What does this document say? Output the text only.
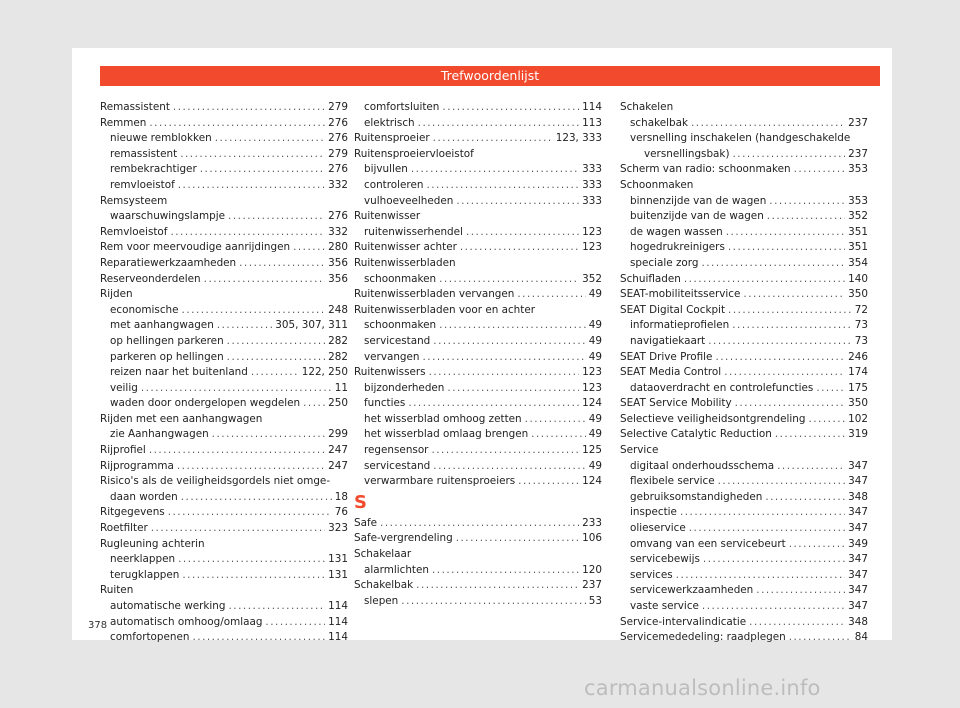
Trefwoordenlijst
Remassistent .....	279
Remmen .....	276
nieuwe remblokken .....	276
remassistent .....	279
rembekrachtiger .....	276
remvloeistof .....	332
Remsysteem
waarschuwingslampje .....	276
Remvloeistof .....	332
Rem voor meervoudige aanrijdingen .....	280
Reparatiewerkzaamheden .....	356
Reserveonderdelen .....	356
Rijden
economische .....	248
met aanhangwagen .....	305, 307, 311
op hellingen parkeren .....	282
parkeren op hellingen .....	282
reizen naar het buitenland .....	122, 250
veilig .....	11
waden door ondergelopen wegdelen .....	250
Rijden met een aanhangwagen
zie Aanhangwagen .....	299
Rijprofiel .....	247
Rijprogramma .....	247
Risico's als de veiligheidsgordels niet omge-
daan worden .....	18
Ritgegevens .....	76
Roetfilter .....	323
Rugleuning achterin
neerklappen .....	131
terugklappen .....	131
Ruiten
automatische werking .....	114
automatisch omhoog/omlaag .....	114
comfortopenen .....	114
comfortsluiten .....	114
elektrisch .....	113
Ruitensproeier .....	123, 333
Ruitensproeiervloeistof
bijvullen .....	333
controleren .....	333
vulhoeveelheden .....	333
Ruitenwisser
ruitenwisserhendel .....	123
Ruitenwisser achter .....	123
Ruitenwisserbladen
schoonmaken .....	352
Ruitenwisserbladen vervangen .....	49
Ruitenwisserbladen voor en achter
schoonmaken .....	49
servicestand .....	49
vervangen .....	49
Ruitenwissers .....	123
bijzonderheden .....	123
functies .....	124
het wisserblad omhoog zetten .....	49
het wisserblad omlaag brengen .....	49
regensensor .....	125
servicestand .....	49
verwarmbare ruitensproeiers .....	124
S
Safe .....	233
Safe-vergrendeling .....	106
Schakelaar
alarmlichten .....	120
Schakelbak .....	237
slepen .....	53
Schakelen
schakelbak .....	237
versnelling inschakelen (handgeschakelde
versnellingsbak) .....	237
Scherm van radio: schoonmaken .....	353
Schoonmaken
binnenzijde van de wagen .....	353
buitenzijde van de wagen .....	352
de wagen wassen .....	351
hogedrukreinigers .....	351
speciale zorg .....	354
Schuifladen .....	140
SEAT-mobiliteitsservice .....	350
SEAT Digital Cockpit .....	72
informatieprofielen .....	73
navigatiekaart .....	73
SEAT Drive Profile .....	246
SEAT Media Control .....	174
dataoverdracht en controlefuncties .....	175
SEAT Service Mobility .....	350
Selectieve veiligheidsontgrendeling .....	102
Selective Catalytic Reduction .....	319
Service
digitaal onderhoudsschema .....	347
flexibele service .....	347
gebruiksomstandigheden .....	348
inspectie .....	347
olieservice .....	347
omvang van een servicebeurt .....	349
servicebewijs .....	347
services .....	347
servicewerkzaamheden .....	347
vaste service .....	347
Service-intervalindicatie .....	348
Servicemededeling: raadplegen .....	84
378
carmanualsonline.info
